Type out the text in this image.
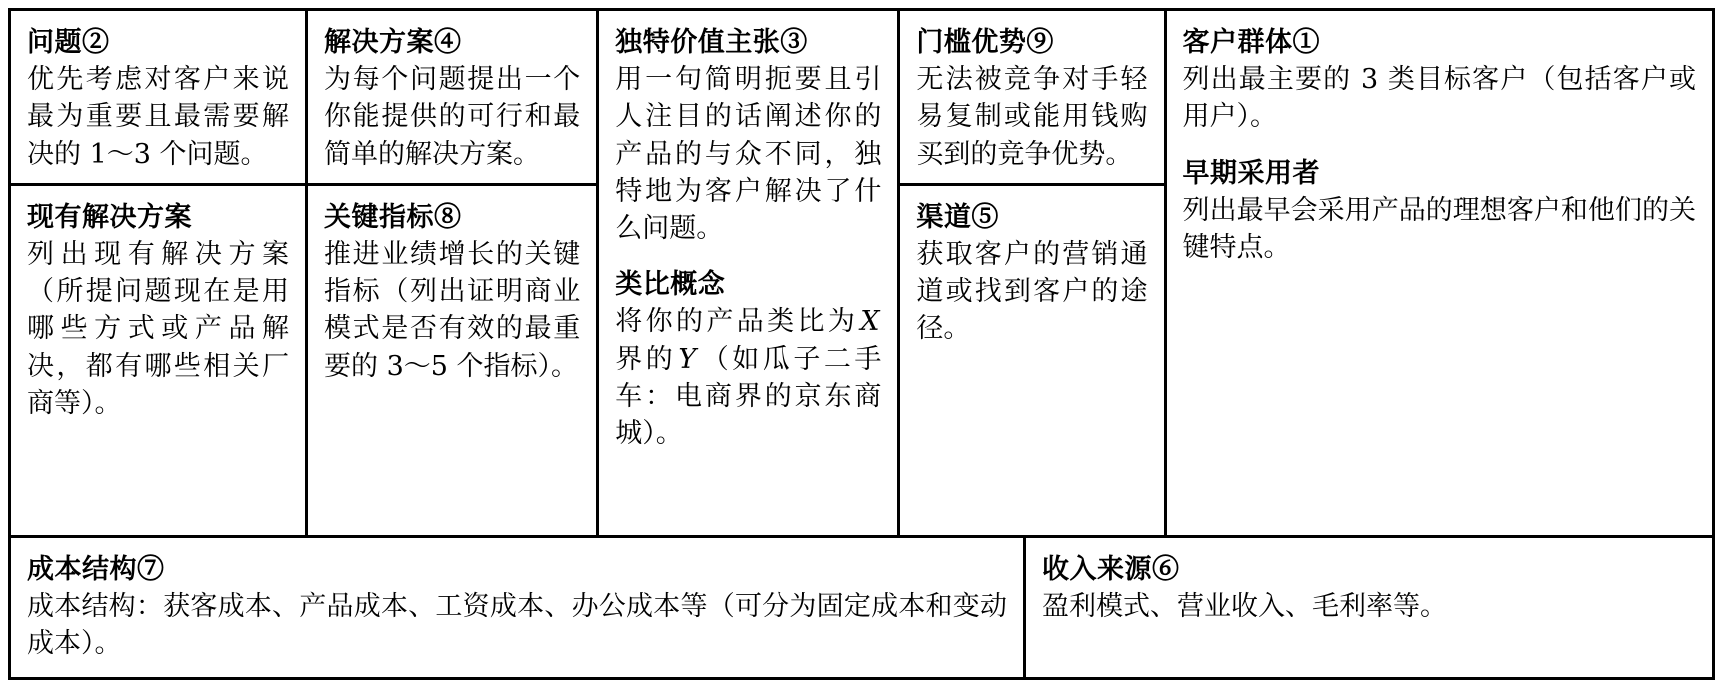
问题②

优先考虑对客户来说最为重要且最需要解决的 1～3 个问题。

现有解决方案

列出现有解决方案（所提问题现在是用哪些方式或产品解决，都有哪些相关厂商等）。

解决方案④

为每个问题提出一个你能提供的可行和最简单的解决方案。

关键指标⑧

推进业绩增长的关键指标（列出证明商业模式是否有效的最重要的 3～5 个指标）。

独特价值主张③

用一句简明扼要且引人注目的话阐述你的产品的与众不同，独特地为客户解决了什么问题。

类比概念

将你的产品类比为X界的Y（如瓜子二手车：电商界的京东商城）。

门槛优势⑨

无法被竞争对手轻易复制或能用钱购买到的竞争优势。

渠道⑤

获取客户的营销通道或找到客户的途径。

客户群体①

列出最主要的 3 类目标客户（包括客户或用户）。

早期采用者

列出最早会采用产品的理想客户和他们的关键特点。

成本结构⑦

成本结构：获客成本、产品成本、工资成本、办公成本等（可分为固定成本和变动成本）。

收入来源⑥

盈利模式、营业收入、毛利率等。
